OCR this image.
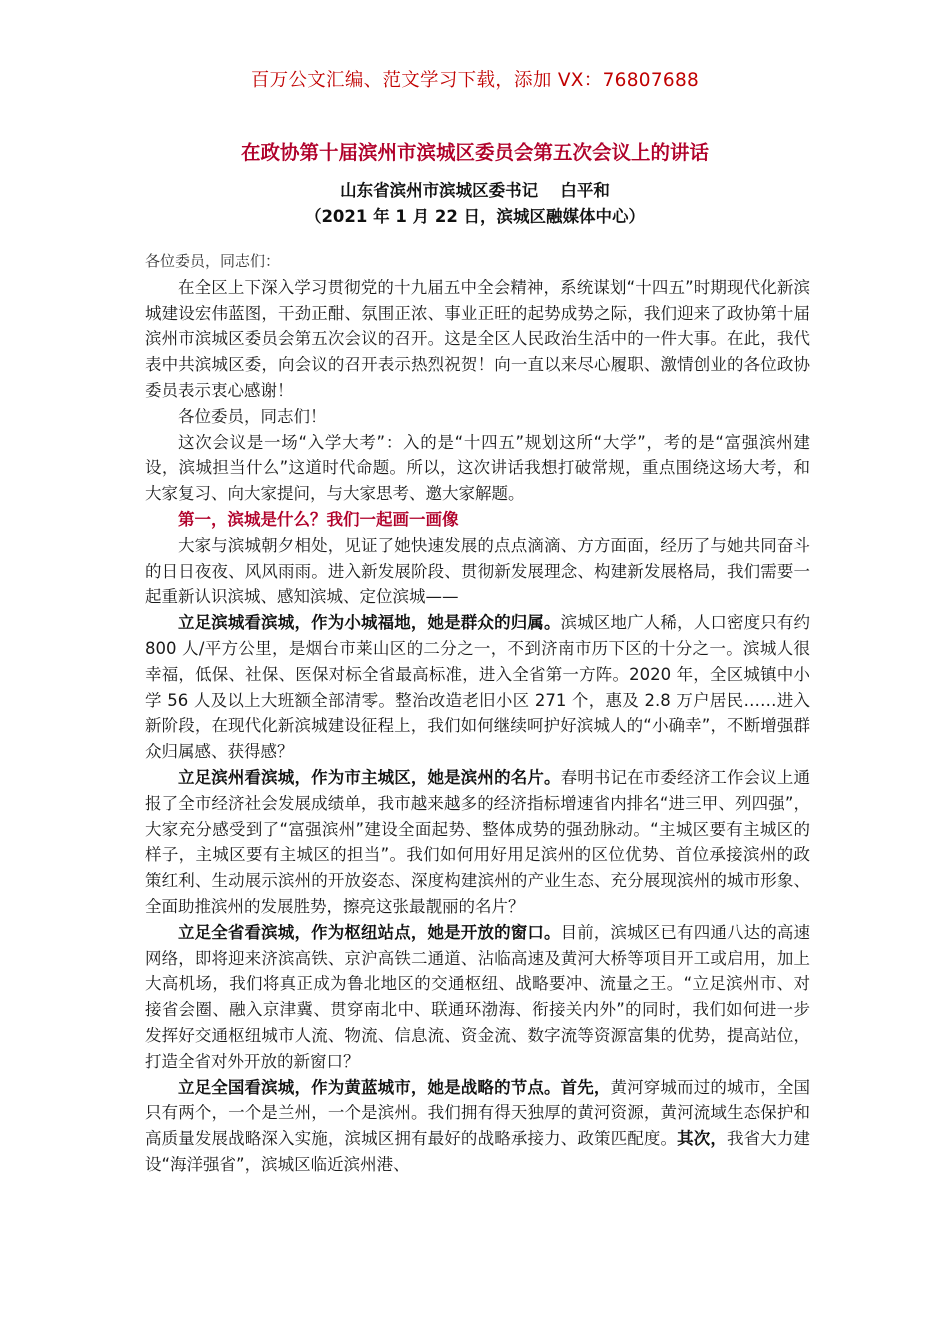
百万公文汇编、范文学习下载，添加 VX：76807688
在政协第十届滨州市滨城区委员会第五次会议上的讲话
山东省滨州市滨城区委书记　 白平和
（2021 年 1 月 22 日，滨城区融媒体中心）

各位委员，同志们：

在全区上下深入学习贯彻党的十九届五中全会精神，系统谋划“十四五”时期现代化新滨城建设宏伟蓝图，干劲正酣、氛围正浓、事业正旺的起势成势之际，我们迎来了政协第十届滨州市滨城区委员会第五次会议的召开。这是全区人民政治生活中的一件大事。在此，我代表中共滨城区委，向会议的召开表示热烈祝贺！向一直以来尽心履职、激情创业的各位政协委员表示衷心感谢！

各位委员，同志们！

这次会议是一场“入学大考”：入的是“十四五”规划这所“大学”，考的是“富强滨州建设，滨城担当什么”这道时代命题。所以，这次讲话我想打破常规，重点围绕这场大考，和大家复习、向大家提问，与大家思考、邀大家解题。

第一，滨城是什么？我们一起画一画像

大家与滨城朝夕相处，见证了她快速发展的点点滴滴、方方面面，经历了与她共同奋斗的日日夜夜、风风雨雨。进入新发展阶段、贯彻新发展理念、构建新发展格局，我们需要一起重新认识滨城、感知滨城、定位滨城——

立足滨城看滨城，作为小城福地，她是群众的归属。滨城区地广人稀，人口密度只有约 800 人/平方公里，是烟台市莱山区的二分之一，不到济南市历下区的十分之一。滨城人很幸福，低保、社保、医保对标全省最高标准，进入全省第一方阵。2020 年，全区城镇中小学 56 人及以上大班额全部清零。整治改造老旧小区 271 个，惠及 2.8 万户居民……进入新阶段，在现代化新滨城建设征程上，我们如何继续呵护好滨城人的“小确幸”，不断增强群众归属感、获得感？

立足滨州看滨城，作为市主城区，她是滨州的名片。春明书记在市委经济工作会议上通报了全市经济社会发展成绩单，我市越来越多的经济指标增速省内排名“进三甲、列四强”，大家充分感受到了“富强滨州”建设全面起势、整体成势的强劲脉动。“主城区要有主城区的样子，主城区要有主城区的担当”。我们如何用好用足滨州的区位优势、首位承接滨州的政策红利、生动展示滨州的开放姿态、深度构建滨州的产业生态、充分展现滨州的城市形象、全面助推滨州的发展胜势，擦亮这张最靓丽的名片？

立足全省看滨城，作为枢纽站点，她是开放的窗口。目前，滨城区已有四通八达的高速网络，即将迎来济滨高铁、京沪高铁二通道、沾临高速及黄河大桥等项目开工或启用，加上大高机场，我们将真正成为鲁北地区的交通枢纽、战略要冲、流量之王。“立足滨州市、对接省会圈、融入京津冀、贯穿南北中、联通环渤海、衔接关内外”的同时，我们如何进一步发挥好交通枢纽城市人流、物流、信息流、资金流、数字流等资源富集的优势，提高站位，打造全省对外开放的新窗口？

立足全国看滨城，作为黄蓝城市，她是战略的节点。首先，黄河穿城而过的城市，全国只有两个，一个是兰州，一个是滨州。我们拥有得天独厚的黄河资源，黄河流域生态保护和高质量发展战略深入实施，滨城区拥有最好的战略承接力、政策匹配度。其次，我省大力建设“海洋强省”，滨城区临近滨州港、
